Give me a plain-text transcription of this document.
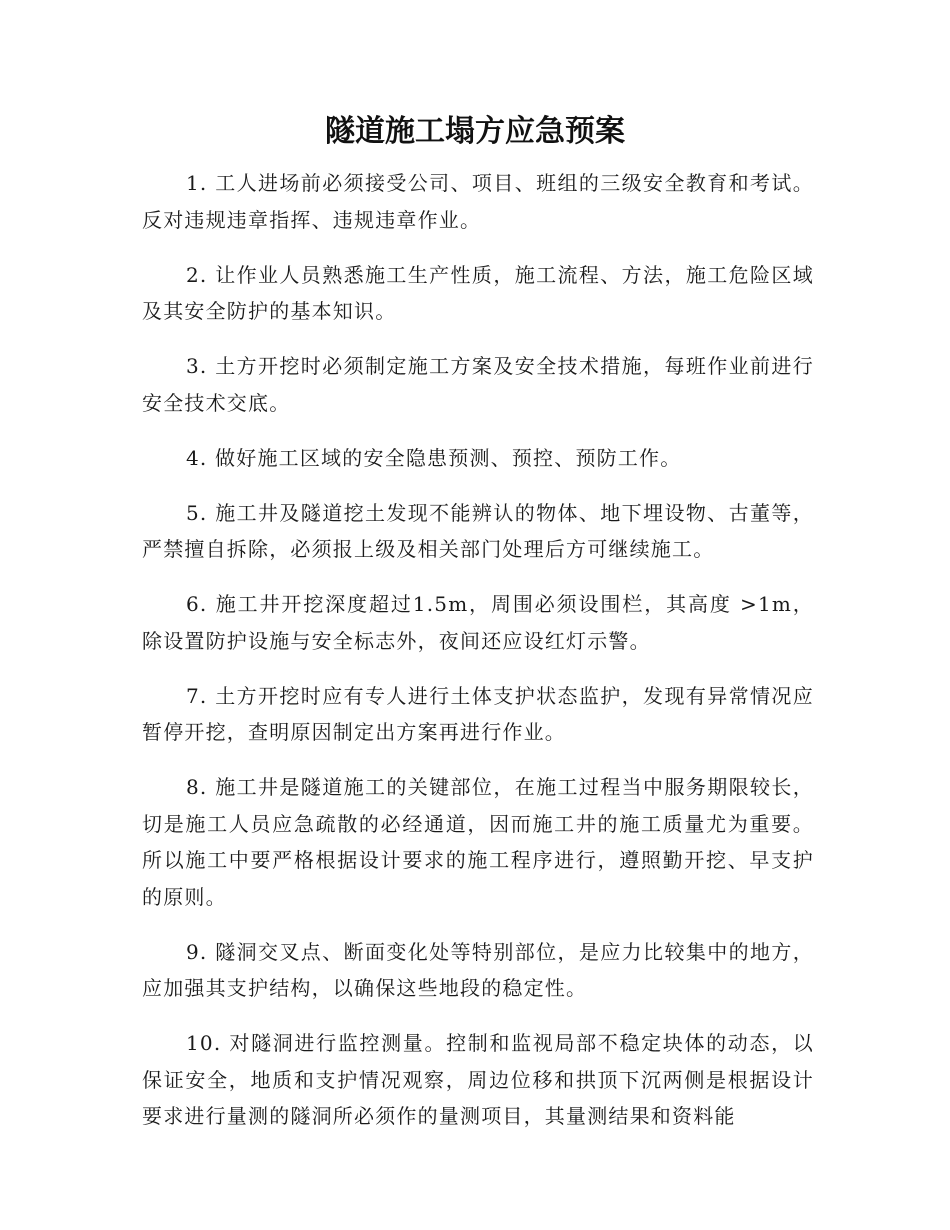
隧道施工塌方应急预案

1. 工人进场前必须接受公司、项目、班组的三级安全教育和考试。反对违规违章指挥、违规违章作业。

2. 让作业人员熟悉施工生产性质，施工流程、方法，施工危险区域及其安全防护的基本知识。

3. 土方开挖时必须制定施工方案及安全技术措施，每班作业前进行安全技术交底。

4. 做好施工区域的安全隐患预测、预控、预防工作。

5. 施工井及隧道挖土发现不能辨认的物体、地下埋设物、古董等，严禁擅自拆除，必须报上级及相关部门处理后方可继续施工。

6. 施工井开挖深度超过1.5m，周围必须设围栏，其高度 >1m，除设置防护设施与安全标志外，夜间还应设红灯示警。

7. 土方开挖时应有专人进行土体支护状态监护，发现有异常情况应暂停开挖，查明原因制定出方案再进行作业。

8. 施工井是隧道施工的关键部位，在施工过程当中服务期限较长，切是施工人员应急疏散的必经通道，因而施工井的施工质量尤为重要。所以施工中要严格根据设计要求的施工程序进行，遵照勤开挖、早支护的原则。

9. 隧洞交叉点、断面变化处等特别部位，是应力比较集中的地方，应加强其支护结构，以确保这些地段的稳定性。

10. 对隧洞进行监控测量。控制和监视局部不稳定块体的动态，以保证安全，地质和支护情况观察，周边位移和拱顶下沉两侧是根据设计要求进行量测的隧洞所必须作的量测项目，其量测结果和资料能
